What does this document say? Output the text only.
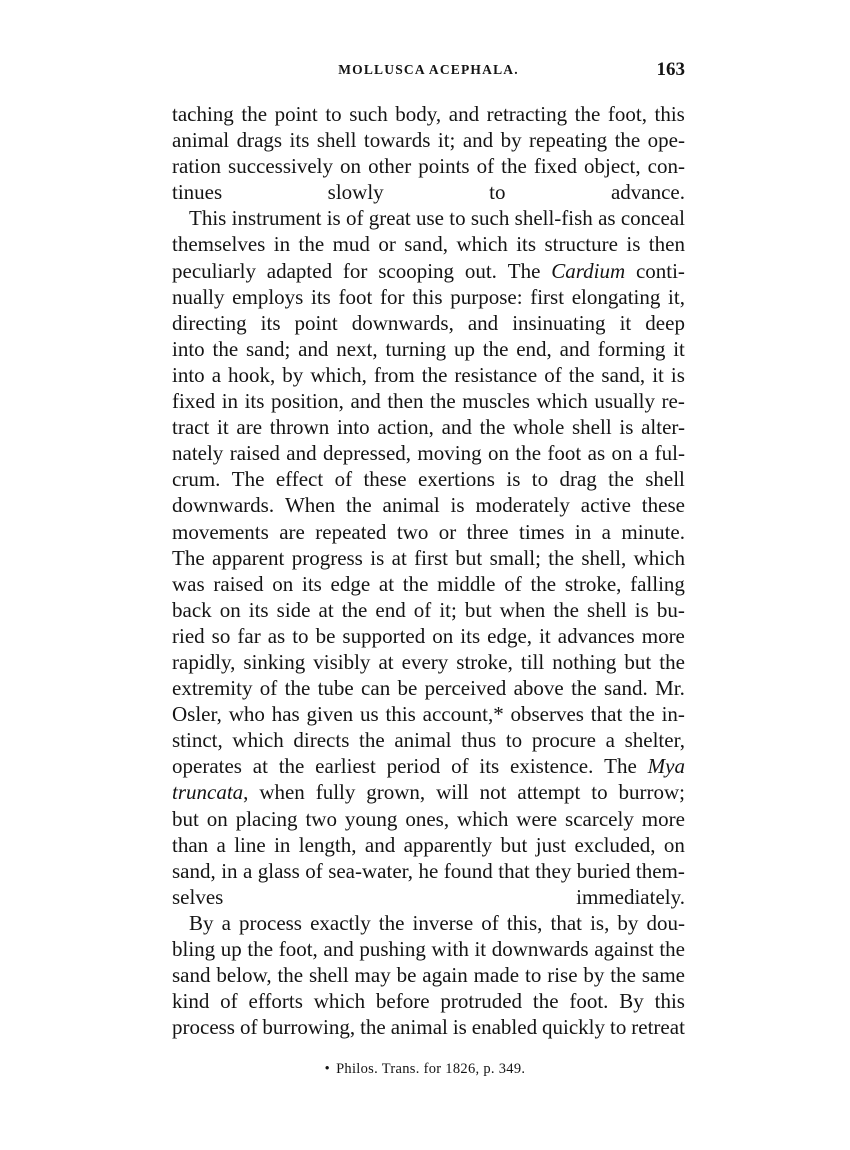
MOLLUSCA ACEPHALA.	163

taching the point to such body, and retracting the foot, this
animal drags its shell towards it; and by repeating the ope-
ration successively on other points of the fixed object, con-
tinues slowly to advance.

This instrument is of great use to such shell-fish as conceal
themselves in the mud or sand, which its structure is then
peculiarly adapted for scooping out. The Cardium conti-
nually employs its foot for this purpose: first elongating it,
directing its point downwards, and insinuating it deep
into the sand; and next, turning up the end, and forming it
into a hook, by which, from the resistance of the sand, it is
fixed in its position, and then the muscles which usually re-
tract it are thrown into action, and the whole shell is alter-
nately raised and depressed, moving on the foot as on a ful-
crum. The effect of these exertions is to drag the shell
downwards. When the animal is moderately active these
movements are repeated two or three times in a minute.
The apparent progress is at first but small; the shell, which
was raised on its edge at the middle of the stroke, falling
back on its side at the end of it; but when the shell is bu-
ried so far as to be supported on its edge, it advances more
rapidly, sinking visibly at every stroke, till nothing but the
extremity of the tube can be perceived above the sand. Mr.
Osler, who has given us this account,* observes that the in-
stinct, which directs the animal thus to procure a shelter,
operates at the earliest period of its existence. The Mya
truncata, when fully grown, will not attempt to burrow;
but on placing two young ones, which were scarcely more
than a line in length, and apparently but just excluded, on
sand, in a glass of sea-water, he found that they buried them-
selves immediately.

By a process exactly the inverse of this, that is, by dou-
bling up the foot, and pushing with it downwards against the
sand below, the shell may be again made to rise by the same
kind of efforts which before protruded the foot. By this
process of burrowing, the animal is enabled quickly to retreat

• Philos. Trans. for 1826, p. 349.
